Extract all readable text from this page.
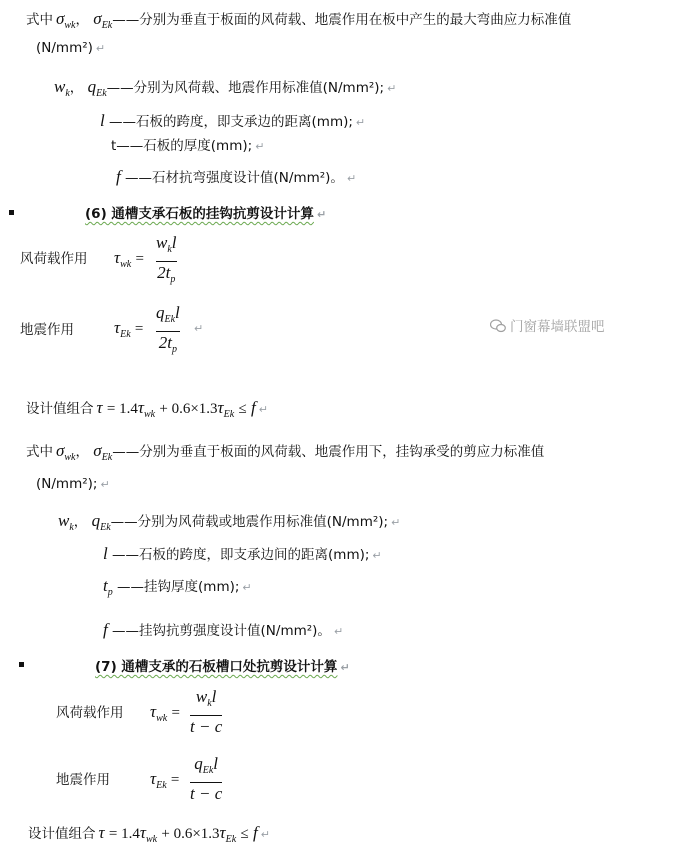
式中 $\sigma_{wk}$， $\sigma_{Ek}——$分别为垂直于板面的风荷载、地震作用在板中产生的最大弯曲应力标准值
(N/mm²) ↵
$w_k$， $q_{Ek}——$分别为风荷载、地震作用标准值(N/mm²); ↵
l ——石板的跨度，即支承边的距离(mm); ↵
t——石板的厚度(mm); ↵
f ——石材抗弯强度设计值(N/mm²)。 ↵
(6) 通槽支承石板的挂钩抗剪设计计算 ↵
风荷载作用 $\tau_{wk}$ =
$w_kl$
$2t_p$
地震作用 $\tau_{Ek}$ =
$q_{Ek}l$
$2t_p$
↵	门窗幕墙联盟吧
设计值组合 $\tau = 1.4\tau_{wk} + 0.6\times 1.3\tau_{Ek} \le f$ ↵
式中 $\sigma_{wk}$， $\sigma_{Ek}——$分别为垂直于板面的风荷载、地震作用下，挂钩承受的剪应力标准值
(N/mm²); ↵
$w_k$， $q_{Ek}——$分别为风荷载或地震作用标准值(N/mm²); ↵
l ——石板的跨度，即支承边间的距离(mm); ↵
$t_p$ ——挂钩厚度(mm); ↵
f ——挂钩抗剪强度设计值(N/mm²)。 ↵
(7) 通槽支承的石板槽口处抗剪设计计算 ↵
风荷载作用 $\tau_{wk}$ =
$w_kl$
t − c
地震作用 $\tau_{Ek}$ =
$q_{Ek}l$
t − c
设计值组合 $\tau = 1.4\tau_{wk} + 0.6\times 1.3\tau_{Ek} \le f$ ↵
